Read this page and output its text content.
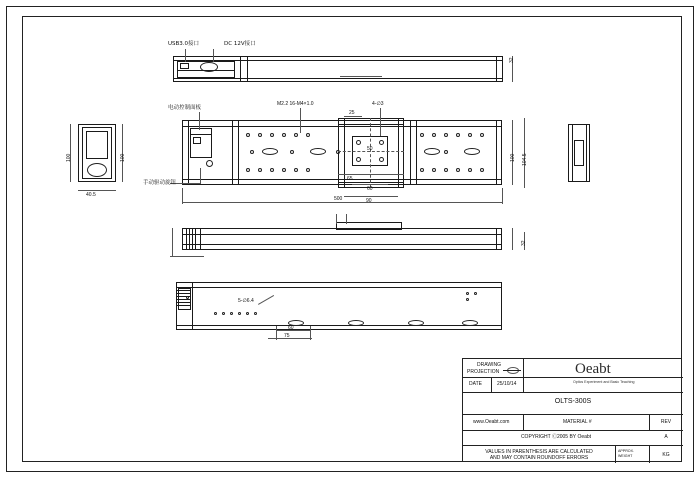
USB3.0接口	DC 12V接口
32
100	100
40.5
电动控制面板
手动驱动旋钮
M2.2 16-M4×1.0	4-∅3
25
50
60
65
100 104.5
500	90
32
5-∅6.4
60
75
DRAWING
PROJECTION
DATE	25/10/14
Oeabt
Optics Experiment and Basic Teaching
OLTS-300S
www.Oeabt.com	MATERIAL #	REV
COPYRIGHT Ⓒ2005 BY Oeabt	A
VALUES IN PARENTHESIS ARE CALCULATED
AND MAY CONTAIN ROUNDOFF ERRORS
APPROX.
WEIGHT	KG
